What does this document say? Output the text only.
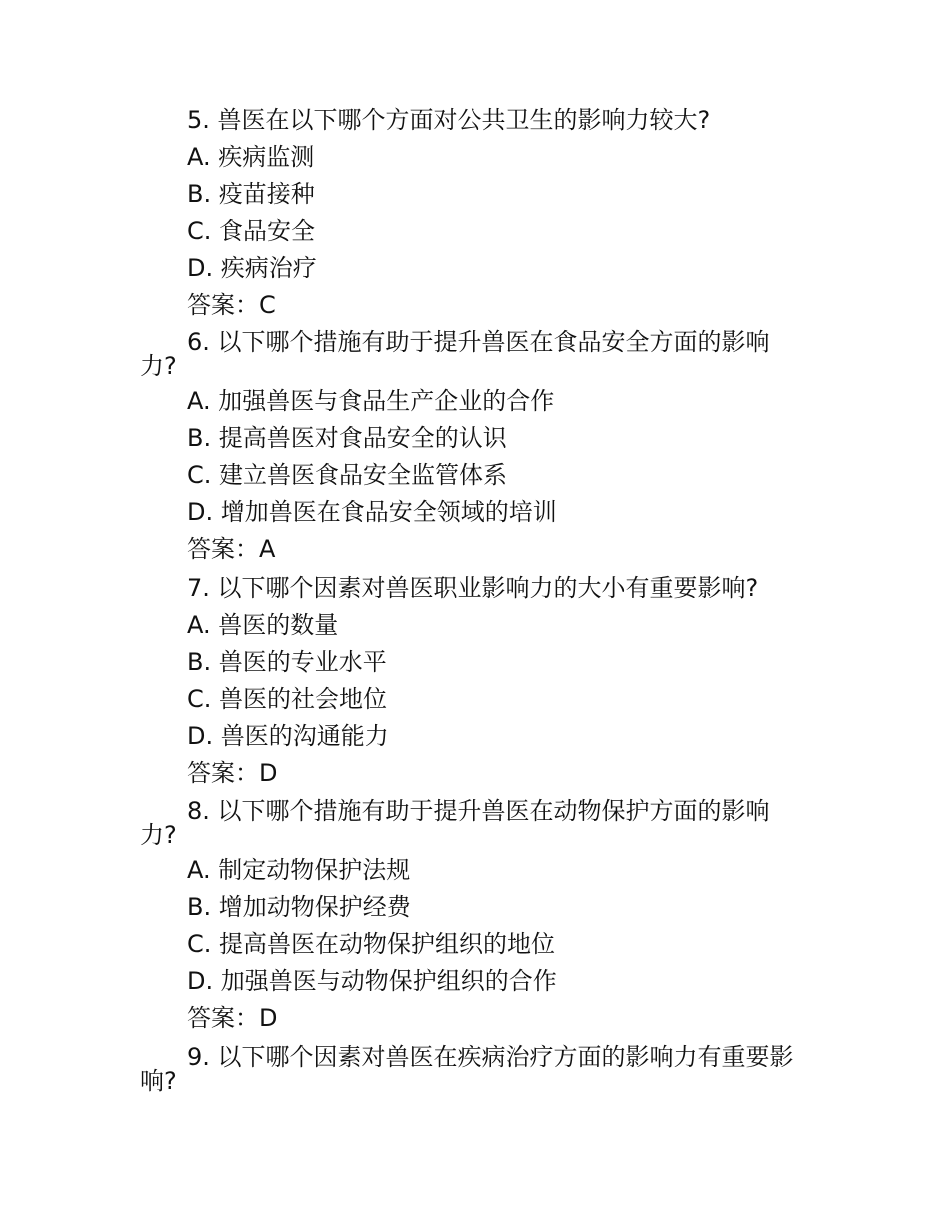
5. 兽医在以下哪个方面对公共卫生的影响力较大?
A. 疾病监测
B. 疫苗接种
C. 食品安全
D. 疾病治疗
答案：C
6. 以下哪个措施有助于提升兽医在食品安全方面的影响
力?
A. 加强兽医与食品生产企业的合作
B. 提高兽医对食品安全的认识
C. 建立兽医食品安全监管体系
D. 增加兽医在食品安全领域的培训
答案：A
7. 以下哪个因素对兽医职业影响力的大小有重要影响?
A. 兽医的数量
B. 兽医的专业水平
C. 兽医的社会地位
D. 兽医的沟通能力
答案：D
8. 以下哪个措施有助于提升兽医在动物保护方面的影响
力?
A. 制定动物保护法规
B. 增加动物保护经费
C. 提高兽医在动物保护组织的地位
D. 加强兽医与动物保护组织的合作
答案：D
9. 以下哪个因素对兽医在疾病治疗方面的影响力有重要影
响?
